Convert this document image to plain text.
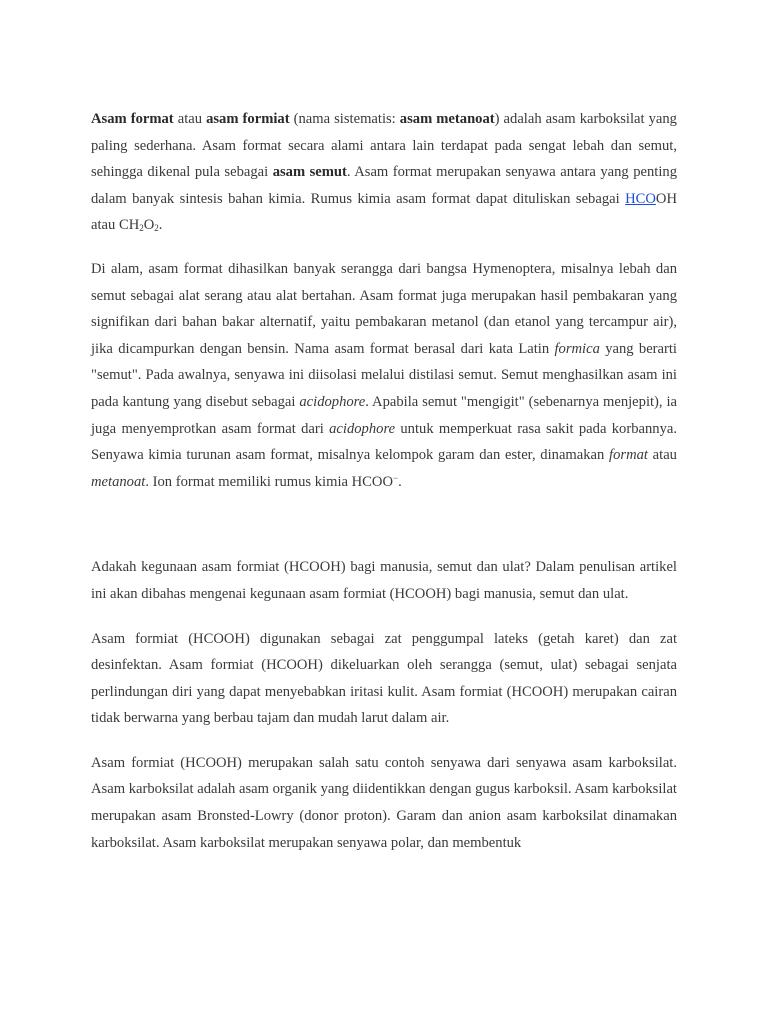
Asam format atau asam formiat (nama sistematis: asam metanoat) adalah asam karboksilat yang paling sederhana. Asam format secara alami antara lain terdapat pada sengat lebah dan semut, sehingga dikenal pula sebagai asam semut. Asam format merupakan senyawa antara yang penting dalam banyak sintesis bahan kimia. Rumus kimia asam format dapat dituliskan sebagai HCOOH atau $CH_2O_2$.

Di alam, asam format dihasilkan banyak serangga dari bangsa Hymenoptera, misalnya lebah dan semut sebagai alat serang atau alat bertahan. Asam format juga merupakan hasil pembakaran yang signifikan dari bahan bakar alternatif, yaitu pembakaran metanol (dan etanol yang tercampur air), jika dicampurkan dengan bensin. Nama asam format berasal dari kata Latin formica yang berarti "semut". Pada awalnya, senyawa ini diisolasi melalui distilasi semut. Semut menghasilkan asam ini pada kantung yang disebut sebagai acidophore. Apabila semut "mengigit" (sebenarnya menjepit), ia juga menyemprotkan asam format dari acidophore untuk memperkuat rasa sakit pada korbannya. Senyawa kimia turunan asam format, misalnya kelompok garam dan ester, dinamakan format atau metanoat. Ion format memiliki rumus kimia HCOO−.

Adakah kegunaan asam formiat (HCOOH) bagi manusia, semut dan ulat? Dalam penulisan artikel ini akan dibahas mengenai kegunaan asam formiat (HCOOH) bagi manusia, semut dan ulat.

Asam formiat (HCOOH) digunakan sebagai zat penggumpal lateks (getah karet) dan zat desinfektan. Asam formiat (HCOOH) dikeluarkan oleh serangga (semut, ulat) sebagai senjata perlindungan diri yang dapat menyebabkan iritasi kulit. Asam formiat (HCOOH) merupakan cairan tidak berwarna yang berbau tajam dan mudah larut dalam air.

Asam formiat (HCOOH) merupakan salah satu contoh senyawa dari senyawa asam karboksilat. Asam karboksilat adalah asam organik yang diidentikkan dengan gugus karboksil. Asam karboksilat merupakan asam Bronsted-Lowry (donor proton). Garam dan anion asam karboksilat dinamakan karboksilat. Asam karboksilat merupakan senyawa polar, dan membentuk
